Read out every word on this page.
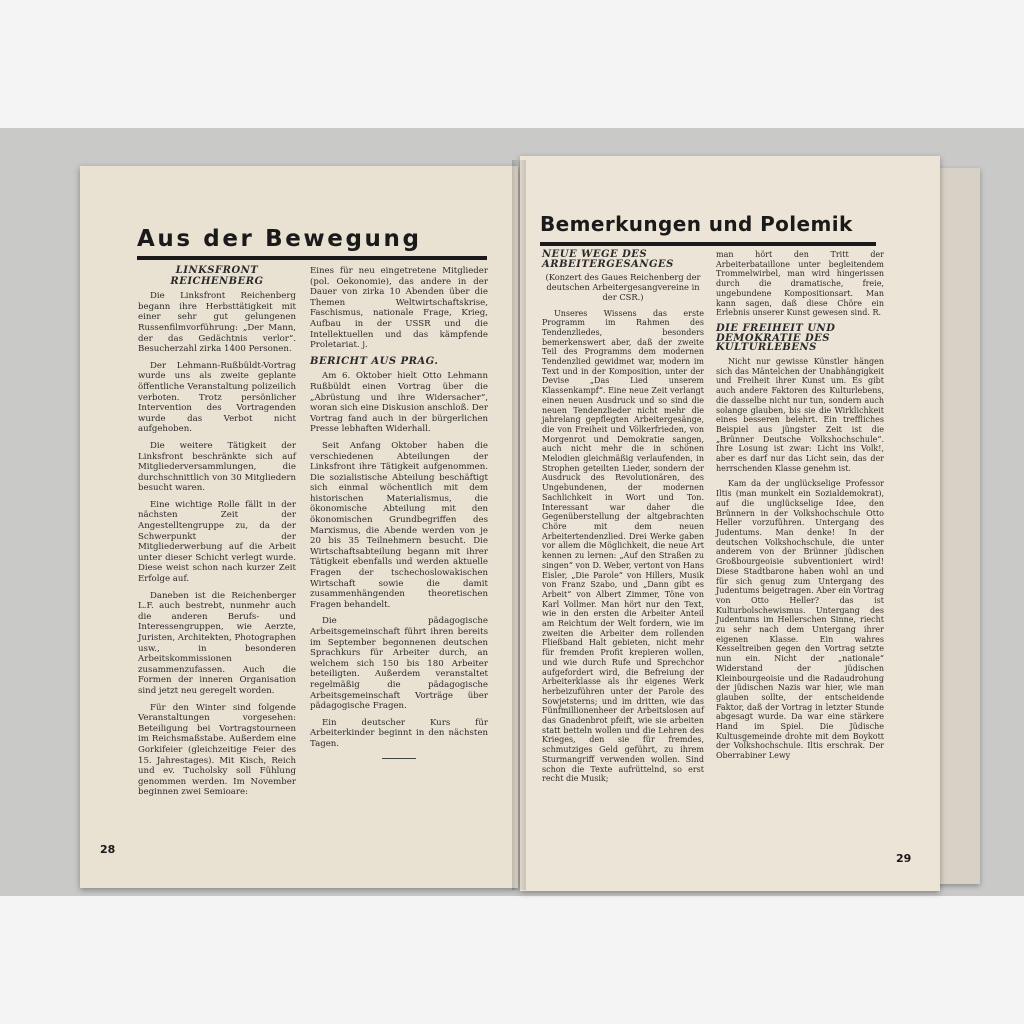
Aus der Bewegung
LINKSFRONT REICHENBERG

Die Linksfront Reichenberg begann ihre Herbsttätigkeit mit einer sehr gut gelungenen Russenfilmvorführung: „Der Mann, der das Gedächtnis verlor“. Besucherzahl zirka 1400 Personen.

Der Lehmann-Rußbüldt-Vortrag wurde uns als zweite geplante öffentliche Veranstaltung polizeilich verboten. Trotz persönlicher Intervention des Vortragenden wurde das Verbot nicht aufgehoben.

Die weitere Tätigkeit der Linksfront beschränkte sich auf Mitgliederversammlungen, die durchschnittlich von 30 Mitgliedern besucht waren.

Eine wichtige Rolle fällt in der nächsten Zeit der Angestelltengruppe zu, da der Schwerpunkt der Mitgliederwerbung auf die Arbeit unter dieser Schicht verlegt wurde. Diese weist schon nach kurzer Zeit Erfolge auf.

Daneben ist die Reichenberger L.F. auch bestrebt, nunmehr auch die anderen Berufs- und Interessengruppen, wie Aerzte, Juristen, Architekten, Photographen usw., in besonderen Arbeitskommissionen zusammenzufassen. Auch die Formen der inneren Organisation sind jetzt neu geregelt worden.

Für den Winter sind folgende Veranstaltungen vorgesehen: Beteiligung bei Vortragstourneen im Reichsmaßstabe. Außerdem eine Gorkifeier (gleichzeitige Feier des 15. Jahrestages). Mit Kisch, Reich und ev. Tucholsky soll Fühlung genommen werden. Im November beginnen zwei Semioare:

Eines für neu eingetretene Mitglieder (pol. Oekonomie), das andere in der Dauer von zirka 10 Abenden über die Themen Weltwirtschaftskrise, Faschismus, nationale Frage, Krieg, Aufbau in der USSR und die Intellektuellen und das kämpfende Proletariat. j.

BERICHT AUS PRAG.

Am 6. Oktober hielt Otto Lehmann Rußbüldt einen Vortrag über die „Abrüstung und ihre Widersacher“, woran sich eine Diskusion anschloß. Der Vortrag fand auch in der bürgerlichen Presse lebhaften Widerhall.

Seit Anfang Oktober haben die verschiedenen Abteilungen der Linksfront ihre Tätigkeit aufgenommen. Die sozialistische Abteilung beschäftigt sich einmal wöchentlich mit dem historischen Materialismus, die ökonomische Abteilung mit den ökonomischen Grundbegriffen des Marxismus, die Abende werden von je 20 bis 35 Teilnehmern besucht. Die Wirtschaftsabteilung begann mit ihrer Tätigkeit ebenfalls und werden aktuelle Fragen der tschechoslowakischen Wirtschaft sowie die damit zusammenhängenden theoretischen Fragen behandelt.

Die pädagogische Arbeitsgemeinschaft führt ihren bereits im September begonnenen deutschen Sprachkurs für Arbeiter durch, an welchem sich 150 bis 180 Arbeiter beteiligten. Außerdem veranstaltet regelmäßig die pädagogische Arbeitsgemeinschaft Vorträge über pädagogische Fragen.

Ein deutscher Kurs für Arbeiterkinder beginnt in den nächsten Tagen.

28
Bemerkungen und Polemik
NEUE WEGE DES ARBEITERGESANGES

(Konzert des Gaues Reichenberg der deutschen Arbeitergesangvereine in der CSR.)

Unseres Wissens das erste Programm im Rahmen des Tendenzliedes, besonders bemerkenswert aber, daß der zweite Teil des Programms dem modernen Tendenzlied gewidmet war, modern im Text und in der Komposition, unter der Devise „Das Lied unserem Klassenkampf“. Eine neue Zeit verlangt einen neuen Ausdruck und so sind die neuen Tendenzlieder nicht mehr die jahrelang gepflegten Arbeitergesänge, die von Freiheit und Völkerfrieden, von Morgenrot und Demokratie sangen, auch nicht mehr die in schönen Melodien gleichmäßig verlaufenden, in Strophen geteilten Lieder, sondern der Ausdruck des Revolutionären, des Ungebundenen, der modernen Sachlichkeit in Wort und Ton. Interessant war daher die Gegenüberstellung der altgebrachten Chöre mit dem neuen Arbeitertendenzlied. Drei Werke gaben vor allem die Möglichkeit, die neue Art kennen zu lernen: „Auf den Straßen zu singen“ von D. Weber, vertont von Hans Eisler, „Die Parole“ von Hillers, Musik von Franz Szabo, und „Dann gibt es Arbeit“ von Albert Zimmer, Töne von Karl Vollmer. Man hört nur den Text, wie in den ersten die Arbeiter Anteil am Reichtum der Welt fordern, wie im zweiten die Arbeiter dem rollenden Fließband Halt gebieten, nicht mehr für fremden Profit krepieren wollen, und wie durch Rufe und Sprechchor aufgefordert wird, die Befreiung der Arbeiterklasse als ihr eigenes Werk herbeizuführen unter der Parole des Sowjetsterns; und im dritten, wie das Fünfmillionenheer der Arbeitslosen auf das Gnadenbrot pfeift, wie sie arbeiten statt betteln wollen und die Lehren des Krieges, den sie für fremdes, schmutziges Geld geführt, zu ihrem Sturmangriff verwenden wollen. Sind schon die Texte aufrüttelnd, so erst recht die Musik;

man hört den Tritt der Arbeiterbataillone unter begleitendem Trommelwirbel, man wird hingerissen durch die dramatische, freie, ungebundene Kompositionsart. Man kann sagen, daß diese Chöre ein Erlebnis unserer Kunst gewesen sind. R.

DIE FREIHEIT UND DEMOKRATIE DES KULTURLEBENS

Nicht nur gewisse Künstler hängen sich das Mäntelchen der Unabhängigkeit und Freiheit ihrer Kunst um. Es gibt auch andere Faktoren des Kulturlebens, die dasselbe nicht nur tun, sondern auch solange glauben, bis sie die Wirklichkeit eines besseren belehrt. Ein treffliches Beispiel aus jüngster Zeit ist die „Brünner Deutsche Volkshochschule“. Ihre Losung ist zwar: Licht ins Volk!, aber es darf nur das Licht sein, das der herrschenden Klasse genehm ist.

Kam da der unglückselige Professor Iltis (man munkelt ein Sozialdemokrat), auf die unglückselige Idee, den Brünnern in der Volkshochschule Otto Heller vorzuführen. Untergang des Judentums. Man denke! In der deutschen Volkshochschule, die unter anderem von der Brünner jüdischen Großbourgeoisie subventioniert wird! Diese Stadtbarone haben wohl an und für sich genug zum Untergang des Judentums beigetragen. Aber ein Vortrag von Otto Heller? das ist Kulturbolschewismus. Untergang des Judentums im Hellerschen Sinne, riecht zu sehr nach dem Untergang ihrer eigenen Klasse. Ein wahres Kesseltreiben gegen den Vortrag setzte nun ein. Nicht der „nationale“ Widerstand der jüdischen Kleinbourgeoisie und die Radaudrohung der jüdischen Nazis war hier, wie man glauben sollte, der entscheidende Faktor, daß der Vortrag in letzter Stunde abgesagt wurde. Da war eine stärkere Hand im Spiel. Die Jüdische Kultusgemeinde drohte mit dem Boykott der Volkshochschule. Iltis erschrak. Der Oberrabiner Lewy

29
